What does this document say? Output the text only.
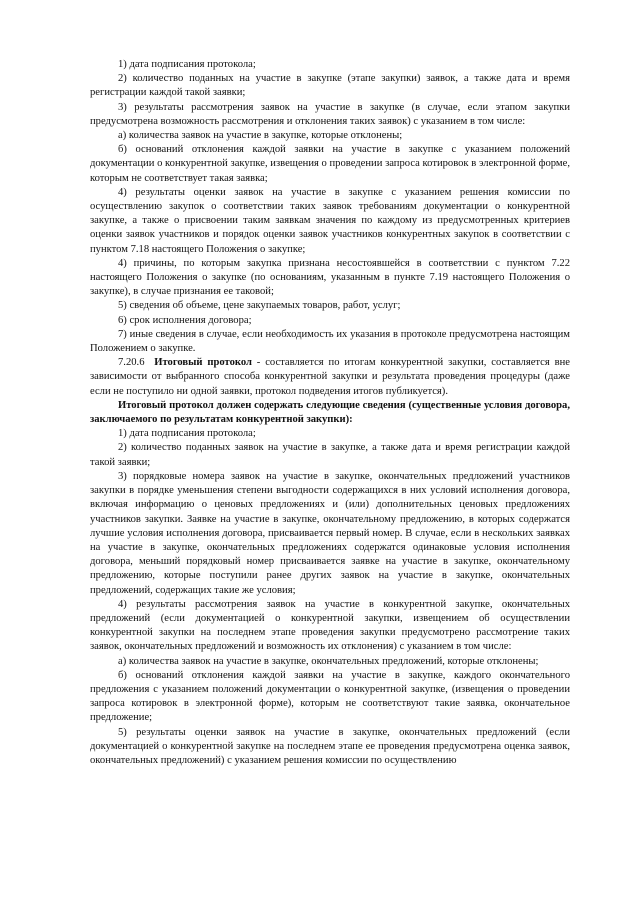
1) дата подписания протокола;

2) количество поданных на участие в закупке (этапе закупки) заявок, а также дата и время регистрации каждой такой заявки;

3) результаты рассмотрения заявок на участие в закупке (в случае, если этапом закупки предусмотрена возможность рассмотрения и отклонения таких заявок) с указанием в том числе:

а) количества заявок на участие в закупке, которые отклонены;

б) оснований отклонения каждой заявки на участие в закупке с указанием положений документации о конкурентной закупке, извещения о проведении запроса котировок в электронной форме, которым не соответствует такая заявка;

4) результаты оценки заявок на участие в закупке с указанием решения комиссии по осуществлению закупок о соответствии таких заявок требованиям документации о конкурентной закупке, а также о присвоении таким заявкам значения по каждому из предусмотренных критериев оценки заявок участников и порядок оценки заявок участников конкурентных закупок в соответствии с пунктом 7.18 настоящего Положения о закупке;

4) причины, по которым закупка признана несостоявшейся в соответствии с пунктом 7.22 настоящего Положения о закупке (по основаниям, указанным в пункте 7.19 настоящего Положения о закупке), в случае признания ее таковой;

5) сведения об объеме, цене закупаемых товаров, работ, услуг;

6) срок исполнения договора;

7) иные сведения в случае, если необходимость их указания в протоколе предусмотрена настоящим Положением о закупке.

7.20.6 Итоговый протокол - составляется по итогам конкурентной закупки, составляется вне зависимости от выбранного способа конкурентной закупки и результата проведения процедуры (даже если не поступило ни одной заявки, протокол подведения итогов публикуется).

Итоговый протокол должен содержать следующие сведения (существенные условия договора, заключаемого по результатам конкурентной закупки):

1) дата подписания протокола;

2) количество поданных заявок на участие в закупке, а также дата и время регистрации каждой такой заявки;

3) порядковые номера заявок на участие в закупке, окончательных предложений участников закупки в порядке уменьшения степени выгодности содержащихся в них условий исполнения договора, включая информацию о ценовых предложениях и (или) дополнительных ценовых предложениях участников закупки. Заявке на участие в закупке, окончательному предложению, в которых содержатся лучшие условия исполнения договора, присваивается первый номер. В случае, если в нескольких заявках на участие в закупке, окончательных предложениях содержатся одинаковые условия исполнения договора, меньший порядковый номер присваивается заявке на участие в закупке, окончательному предложению, которые поступили ранее других заявок на участие в закупке, окончательных предложений, содержащих такие же условия;

4) результаты рассмотрения заявок на участие в конкурентной закупке, окончательных предложений (если документацией о конкурентной закупки, извещением об осуществлении конкурентной закупки на последнем этапе проведения закупки предусмотрено рассмотрение таких заявок, окончательных предложений и возможность их отклонения) с указанием в том числе:

а) количества заявок на участие в закупке, окончательных предложений, которые отклонены;

б) оснований отклонения каждой заявки на участие в закупке, каждого окончательного предложения с указанием положений документации о конкурентной закупке, (извещения о проведении запроса котировок в электронной форме), которым не соответствуют такие заявка, окончательное предложение;

5) результаты оценки заявок на участие в закупке, окончательных предложений (если документацией о конкурентной закупке на последнем этапе ее проведения предусмотрена оценка заявок, окончательных предложений) с указанием решения комиссии по осуществлению
